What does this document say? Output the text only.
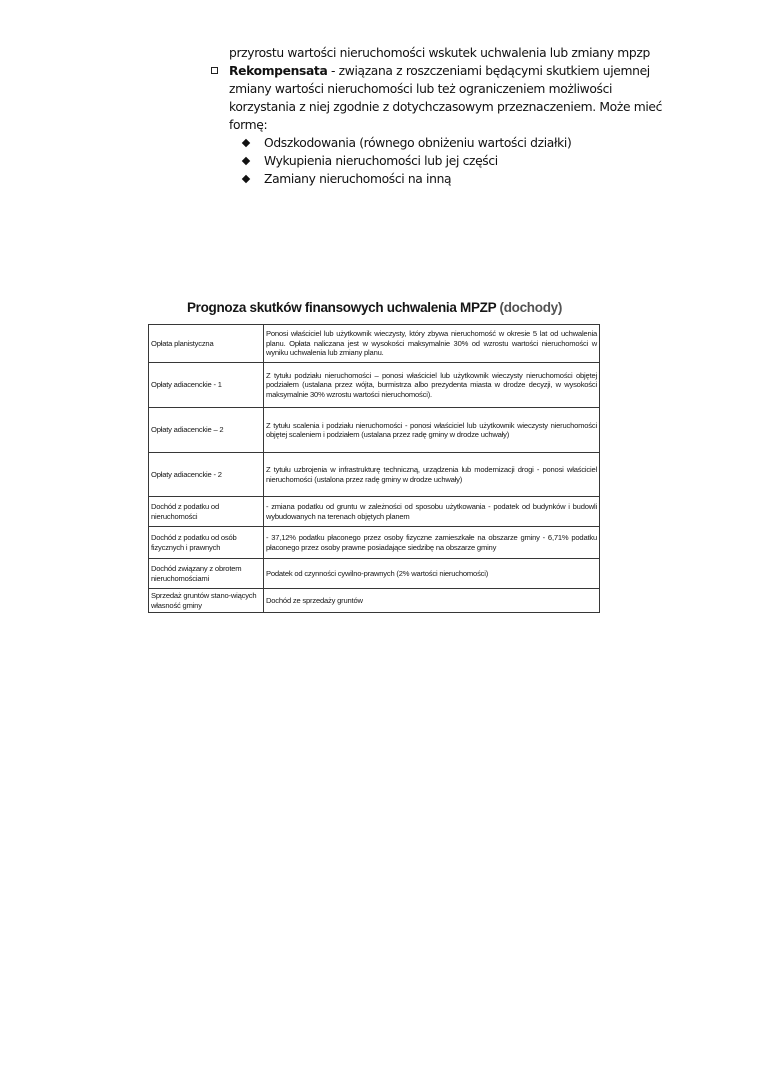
przyrostu wartości nieruchomości wskutek uchwalenia lub zmiany mpzp
Rekompensata - związana z roszczeniami będącymi skutkiem ujemnej
zmiany wartości nieruchomości lub też ograniczeniem możliwości
korzystania z niej zgodnie z dotychczasowym przeznaczeniem. Może mieć
formę:
Odszkodowania (równego obniżeniu wartości działki)
Wykupienia nieruchomości lub jej części
Zamiany nieruchomości na inną
Prognoza skutków finansowych uchwalenia MPZP (dochody)
Opłata planistyczna	Ponosi właściciel lub użytkownik wieczysty, który zbywa nieruchomość w okresie 5 lat od uchwalenia planu. Opłata naliczana jest w wysokości maksymalnie 30% od wzrostu wartości nieruchomości w wyniku uchwalenia lub zmiany planu.
Opłaty adiacenckie - 1	Z tytułu podziału nieruchomości – ponosi właściciel lub użytkownik wieczysty nieruchomości objętej podziałem (ustalana przez wójta, burmistrza albo prezydenta miasta w drodze decyzji, w wysokości maksymalnie 30% wzrostu wartości nieruchomości).
Opłaty adiacenckie – 2	Z tytułu scalenia i podziału nieruchomości - ponosi właściciel lub użytkownik wieczysty nieruchomości objętej scaleniem i podziałem (ustalana przez radę gminy w drodze uchwały)
Opłaty adiacenckie - 2	Z tytułu uzbrojenia w infrastrukturę techniczną, urządzenia lub modernizacji drogi - ponosi właściciel nieruchomości (ustalona przez radę gminy w drodze uchwały)
Dochód z podatku od nieruchomości	- zmiana podatku od gruntu w zależności od sposobu użytkowania - podatek od budynków i budowli wybudowanych na terenach objętych planem
Dochód z podatku od osób fizycznych i prawnych	- 37,12% podatku płaconego przez osoby fizyczne zamieszkałe na obszarze gminy - 6,71% podatku płaconego przez osoby prawne posiadające siedzibę na obszarze gminy
Dochód związany z obrotem nieruchomościami	Podatek od czynności cywilno-prawnych (2% wartości nieruchomości)
Sprzedaż gruntów stano-wiących własność gminy	Dochód ze sprzedaży gruntów
